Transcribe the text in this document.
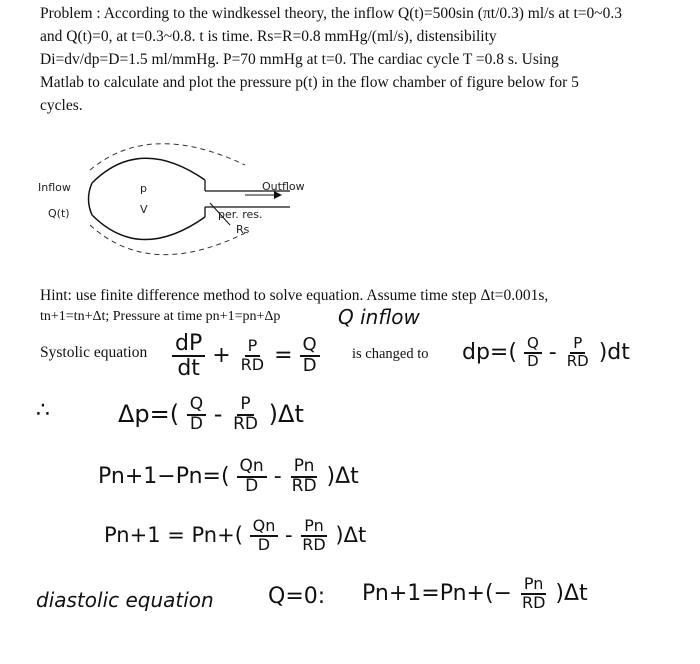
Problem : According to the windkessel theory, the inflow Q(t)=500sin (πt/0.3) ml/s at t=0~0.3
and Q(t)=0, at t=0.3~0.8. t is time. Rs=R=0.8 mmHg/(ml/s), distensibility
Di=dv/dp=D=1.5 ml/mmHg. P=70 mmHg at t=0. The cardiac cycle T =0.8 s. Using
Matlab to calculate and plot the pressure p(t) in the flow chamber of figure below for 5
cycles.
Inflow
Q(t)
p
V
Outflow
per. res.
Rs
Hint: use finite difference method to solve equation. Assume time step Δt=0.001s,
tn+1=tn+Δt; Pressure at time pn+1=pn+Δp	Q inflow
Systolic equation $\frac{dP}{dt} + \frac{P}{RD} = \frac{Q}{D}$ is changed to $dp=( \frac{Q}{D} - \frac{P}{RD} )dt$
∴	$\Delta p=( \frac{Q}{D} - \frac{P}{RD} )\Delta t$
$Pn+1-Pn=( \frac{Qn}{D} - \frac{Pn}{RD} )\Delta t$
$Pn+1 = Pn+( \frac{Qn}{D} - \frac{Pn}{RD} )\Delta t$
diastolic equation Q=0: $Pn+1=Pn+(- \frac{Pn}{RD} )\Delta t$
